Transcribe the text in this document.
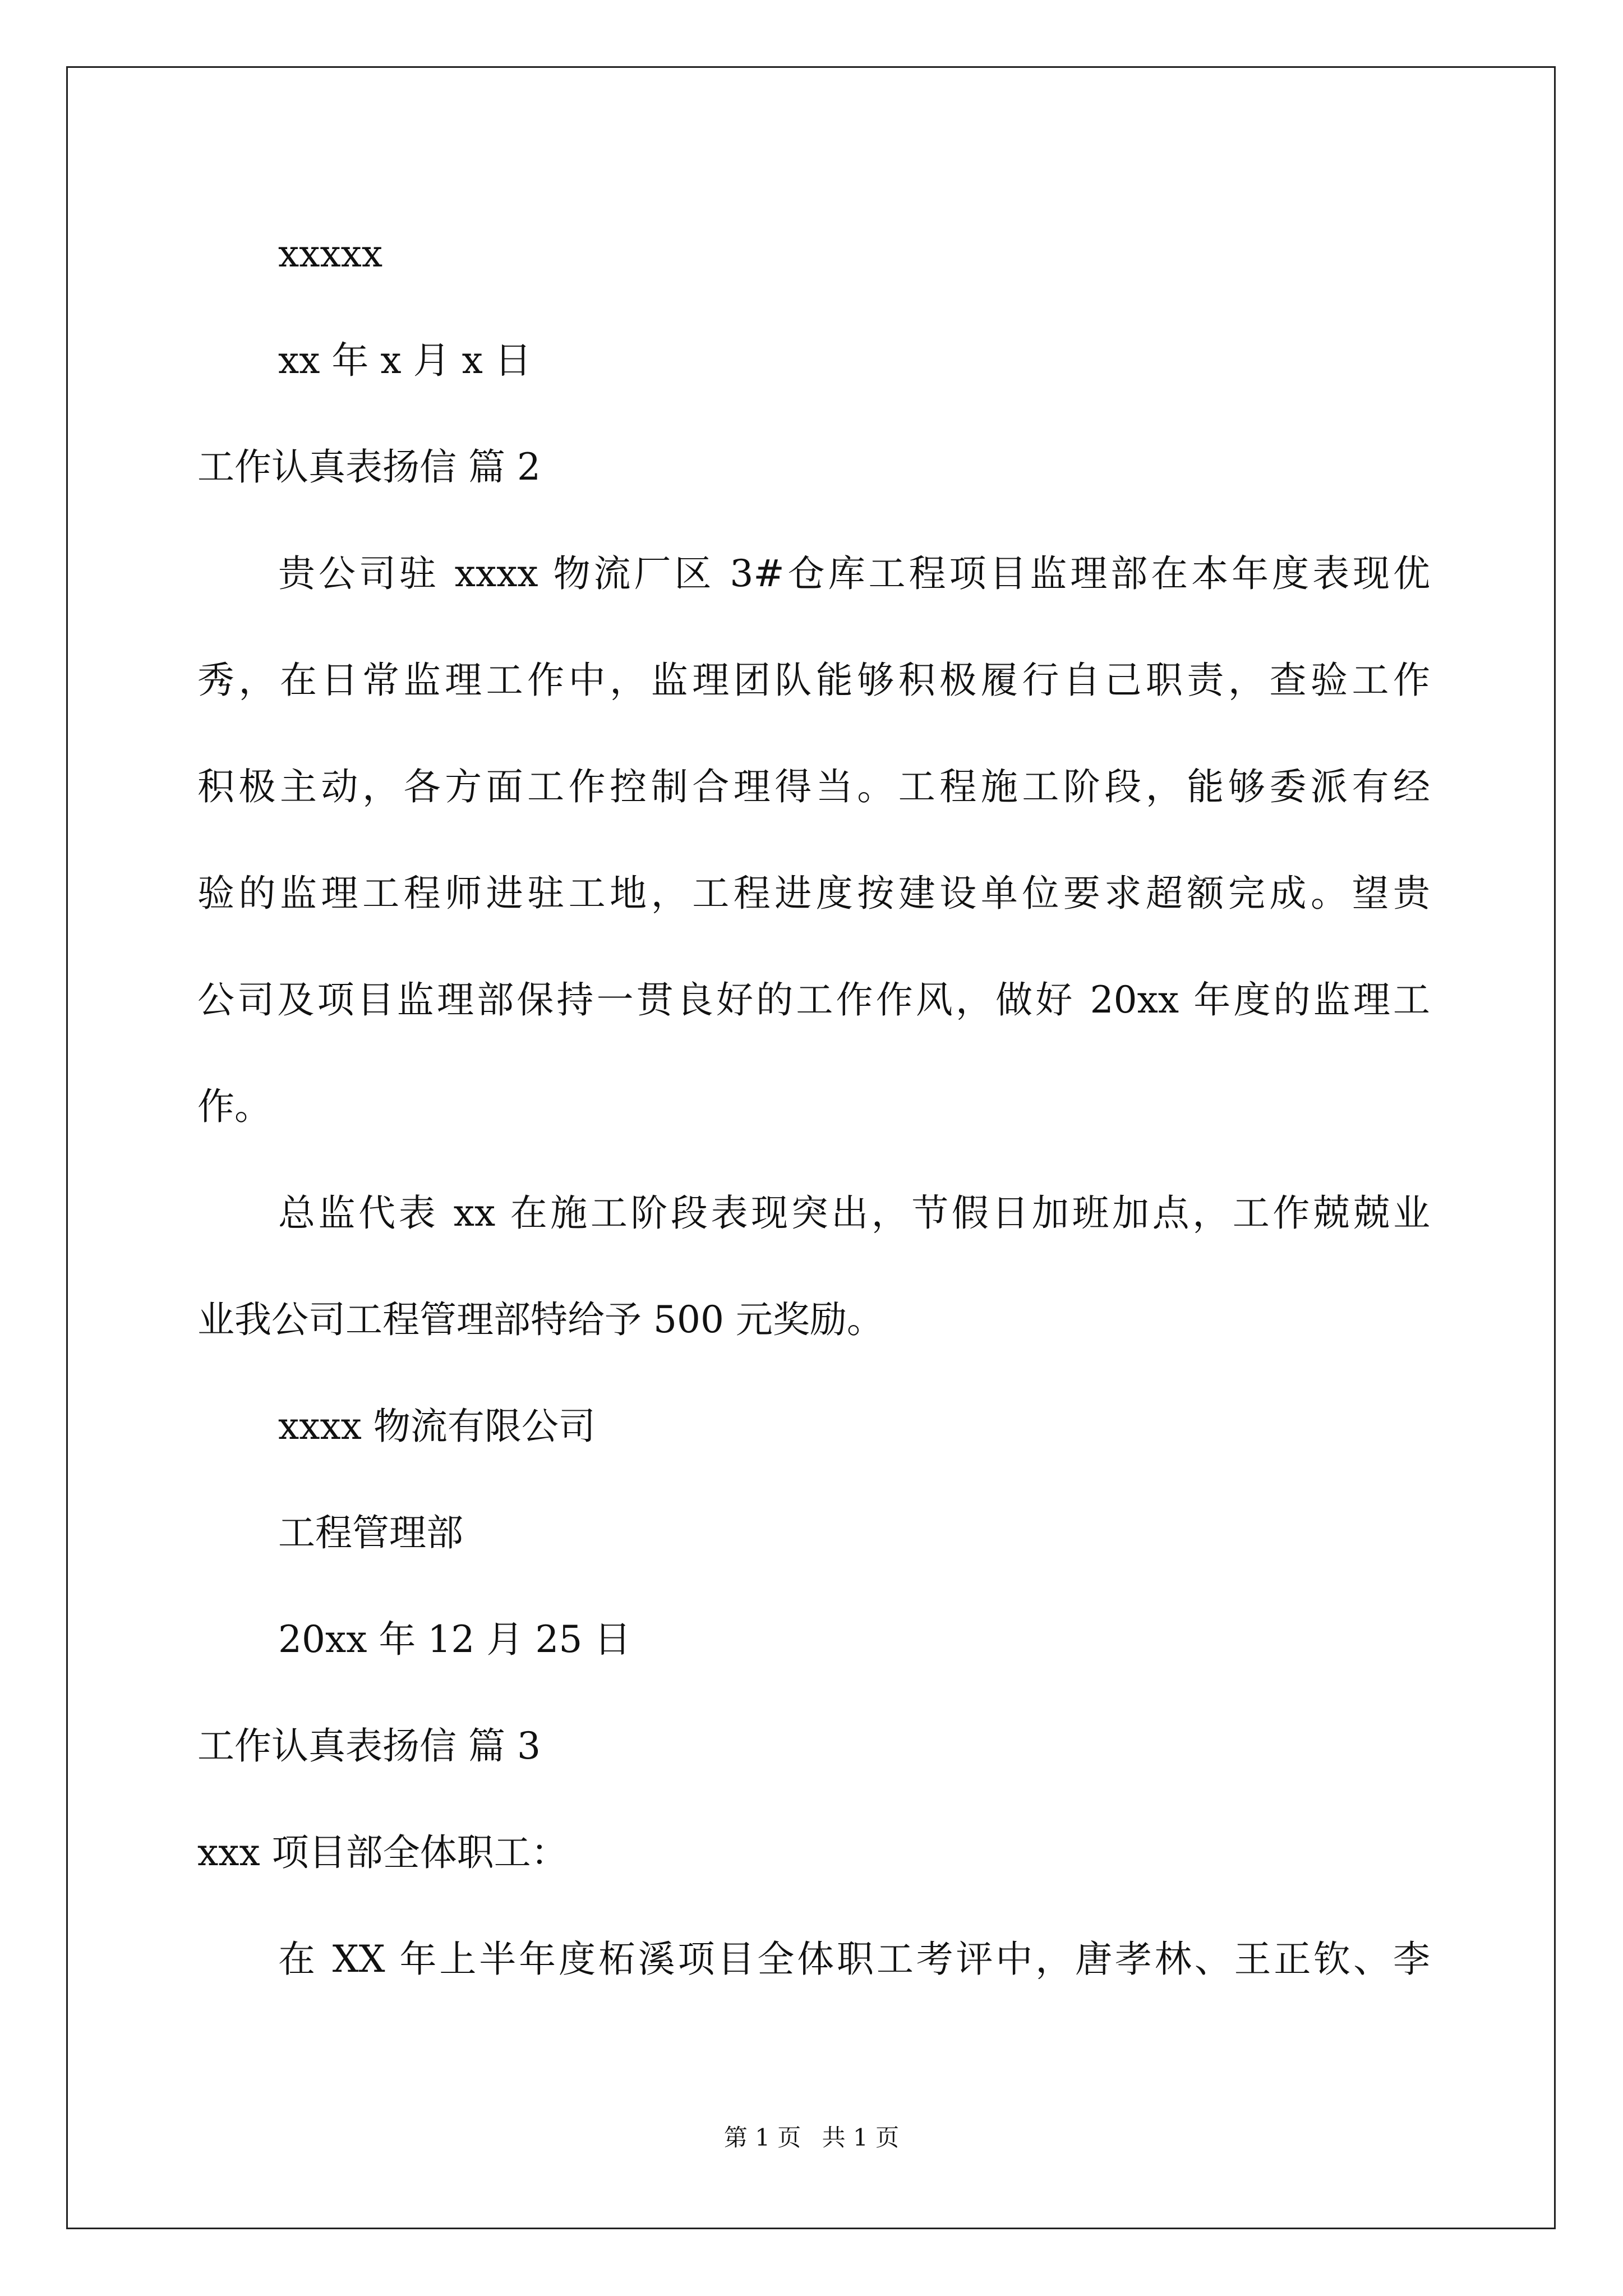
xxxxx
xx 年 x 月 x 日
工作认真表扬信 篇 2
贵公司驻 xxxx 物流厂区 3#仓库工程项目监理部在本年度表现优
秀，在日常监理工作中，监理团队能够积极履行自己职责，查验工作
积极主动，各方面工作控制合理得当。工程施工阶段，能够委派有经
验的监理工程师进驻工地，工程进度按建设单位要求超额完成。望贵
公司及项目监理部保持一贯良好的工作作风，做好 20xx 年度的监理工
作。
总监代表 xx 在施工阶段表现突出，节假日加班加点，工作兢兢业
业我公司工程管理部特给予 500 元奖励。
xxxx 物流有限公司
工程管理部
20xx 年 12 月 25 日
工作认真表扬信 篇 3
xxx 项目部全体职工：
在 XX 年上半年度柘溪项目全体职工考评中，唐孝林、王正钦、李
第 1 页 共 1 页
